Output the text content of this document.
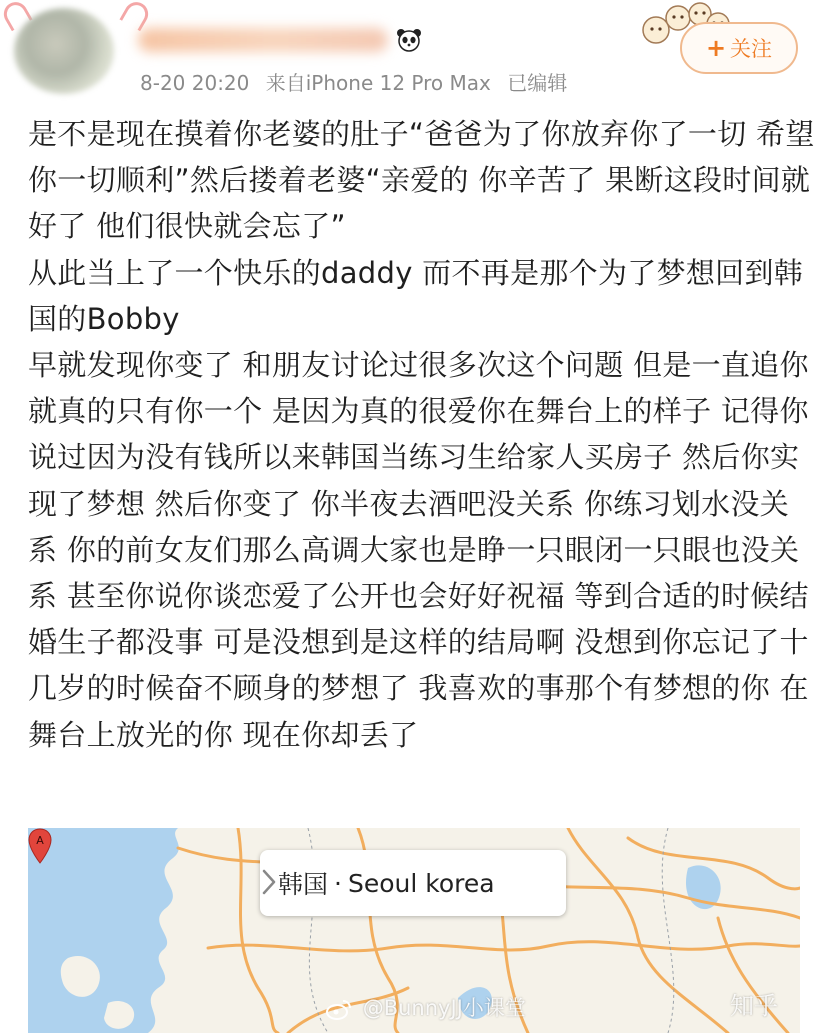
8-20 20:20 来自iPhone 12 Pro Max 已编辑
+ 关注

是不是现在摸着你老婆的肚子“爸爸为了你放弃你了一切 希望你一切顺利”然后搂着老婆“亲爱的 你辛苦了 果断这段时间就好了 他们很快就会忘了”

从此当上了一个快乐的daddy 而不再是那个为了梦想回到韩国的Bobby

早就发现你变了 和朋友讨论过很多次这个问题 但是一直追你就真的只有你一个 是因为真的很爱你在舞台上的样子 记得你说过因为没有钱所以来韩国当练习生给家人买房子 然后你实现了梦想 然后你变了 你半夜去酒吧没关系 你练习划水没关系 你的前女友们那么高调大家也是睁一只眼闭一只眼也没关系 甚至你说你谈恋爱了公开也会好好祝福 等到合适的时候结婚生子都没事 可是没想到是这样的结局啊 没想到你忘记了十几岁的时候奋不顾身的梦想了 我喜欢的事那个有梦想的你 在舞台上放光的你 现在你却丢了

韩国 · Seoul korea
A
@BunnyJJ小课堂	知乎
